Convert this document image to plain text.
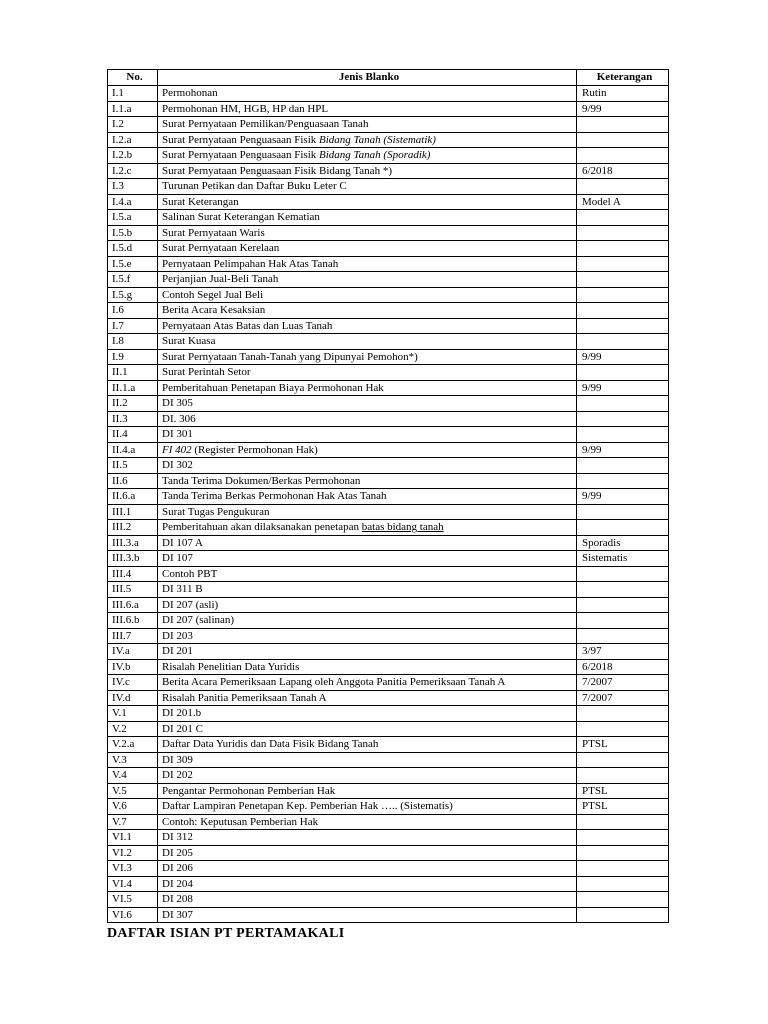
No.	Jenis Blanko	Keterangan
I.1	Permohonan	Rutin
I.1.a	Permohonan HM, HGB, HP dan HPL	9/99
I.2	Surat Pernyataan Pemilikan/Penguasaan Tanah	
I.2.a	Surat Pernyataan Penguasaan Fisik Bidang Tanah (Sistematik)	
I.2.b	Surat Pernyataan Penguasaan Fisik Bidang Tanah (Sporadik)	
I.2.c	Surat Pernyataan Penguasaan Fisik Bidang Tanah *)	6/2018
I.3	Turunan Petikan dan Daftar Buku Leter C	
I.4.a	Surat Keterangan	Model A
I.5.a	Salinan Surat Keterangan Kematian	
I.5.b	Surat Pernyataan Waris	
I.5.d	Surat Pernyataan Kerelaan	
I.5.e	Pernyataan Pelimpahan Hak Atas Tanah	
I.5.f	Perjanjian Jual-Beli Tanah	
I.5.g	Contoh Segel Jual Beli	
I.6	Berita Acara Kesaksian	
I.7	Pernyataan Atas Batas dan Luas Tanah	
I.8	Surat Kuasa	
I.9	Surat Pernyataan Tanah-Tanah yang Dipunyai Pemohon*)	9/99
II.1	Surat Perintah Setor	
II.1.a	Pemberitahuan Penetapan Biaya Permohonan Hak	9/99
II.2	DI 305	
II.3	DI. 306	
II.4	DI 301	
II.4.a	FI 402 (Register Permohonan Hak)	9/99
II.5	DI 302	
II.6	Tanda Terima Dokumen/Berkas Permohonan	
II.6.a	Tanda Terima Berkas Permohonan Hak Atas Tanah	9/99
III.1	Surat Tugas Pengukuran	
III.2	Pemberitahuan akan dilaksanakan penetapan batas bidang tanah	
III.3.a	DI 107 A	Sporadis
III.3.b	DI 107	Sistematis
III.4	Contoh PBT	
III.5	DI 311 B	
III.6.a	DI 207 (asli)	
III.6.b	DI 207 (salinan)	
III.7	DI 203	
IV.a	DI 201	3/97
IV.b	Risalah Penelitian Data Yuridis	6/2018
IV.c	Berita Acara Pemeriksaan Lapang oleh Anggota Panitia Pemeriksaan Tanah A	7/2007
IV.d	Risalah Panitia Pemeriksaan Tanah A	7/2007
V.1	DI 201.b	
V.2	DI 201 C	
V.2.a	Daftar Data Yuridis dan Data Fisik Bidang Tanah	PTSL
V.3	DI 309	
V.4	DI 202	
V.5	Pengantar Permohonan Pemberian Hak	PTSL
V.6	Daftar Lampiran Penetapan Kep. Pemberian Hak ….. (Sistematis)	PTSL
V.7	Contoh: Keputusan Pemberian Hak	
VI.1	DI 312	
VI.2	DI 205	
VI.3	DI 206	
VI.4	DI 204	
VI.5	DI 208	
VI.6	DI 307	
DAFTAR ISIAN PT PERTAMAKALI
